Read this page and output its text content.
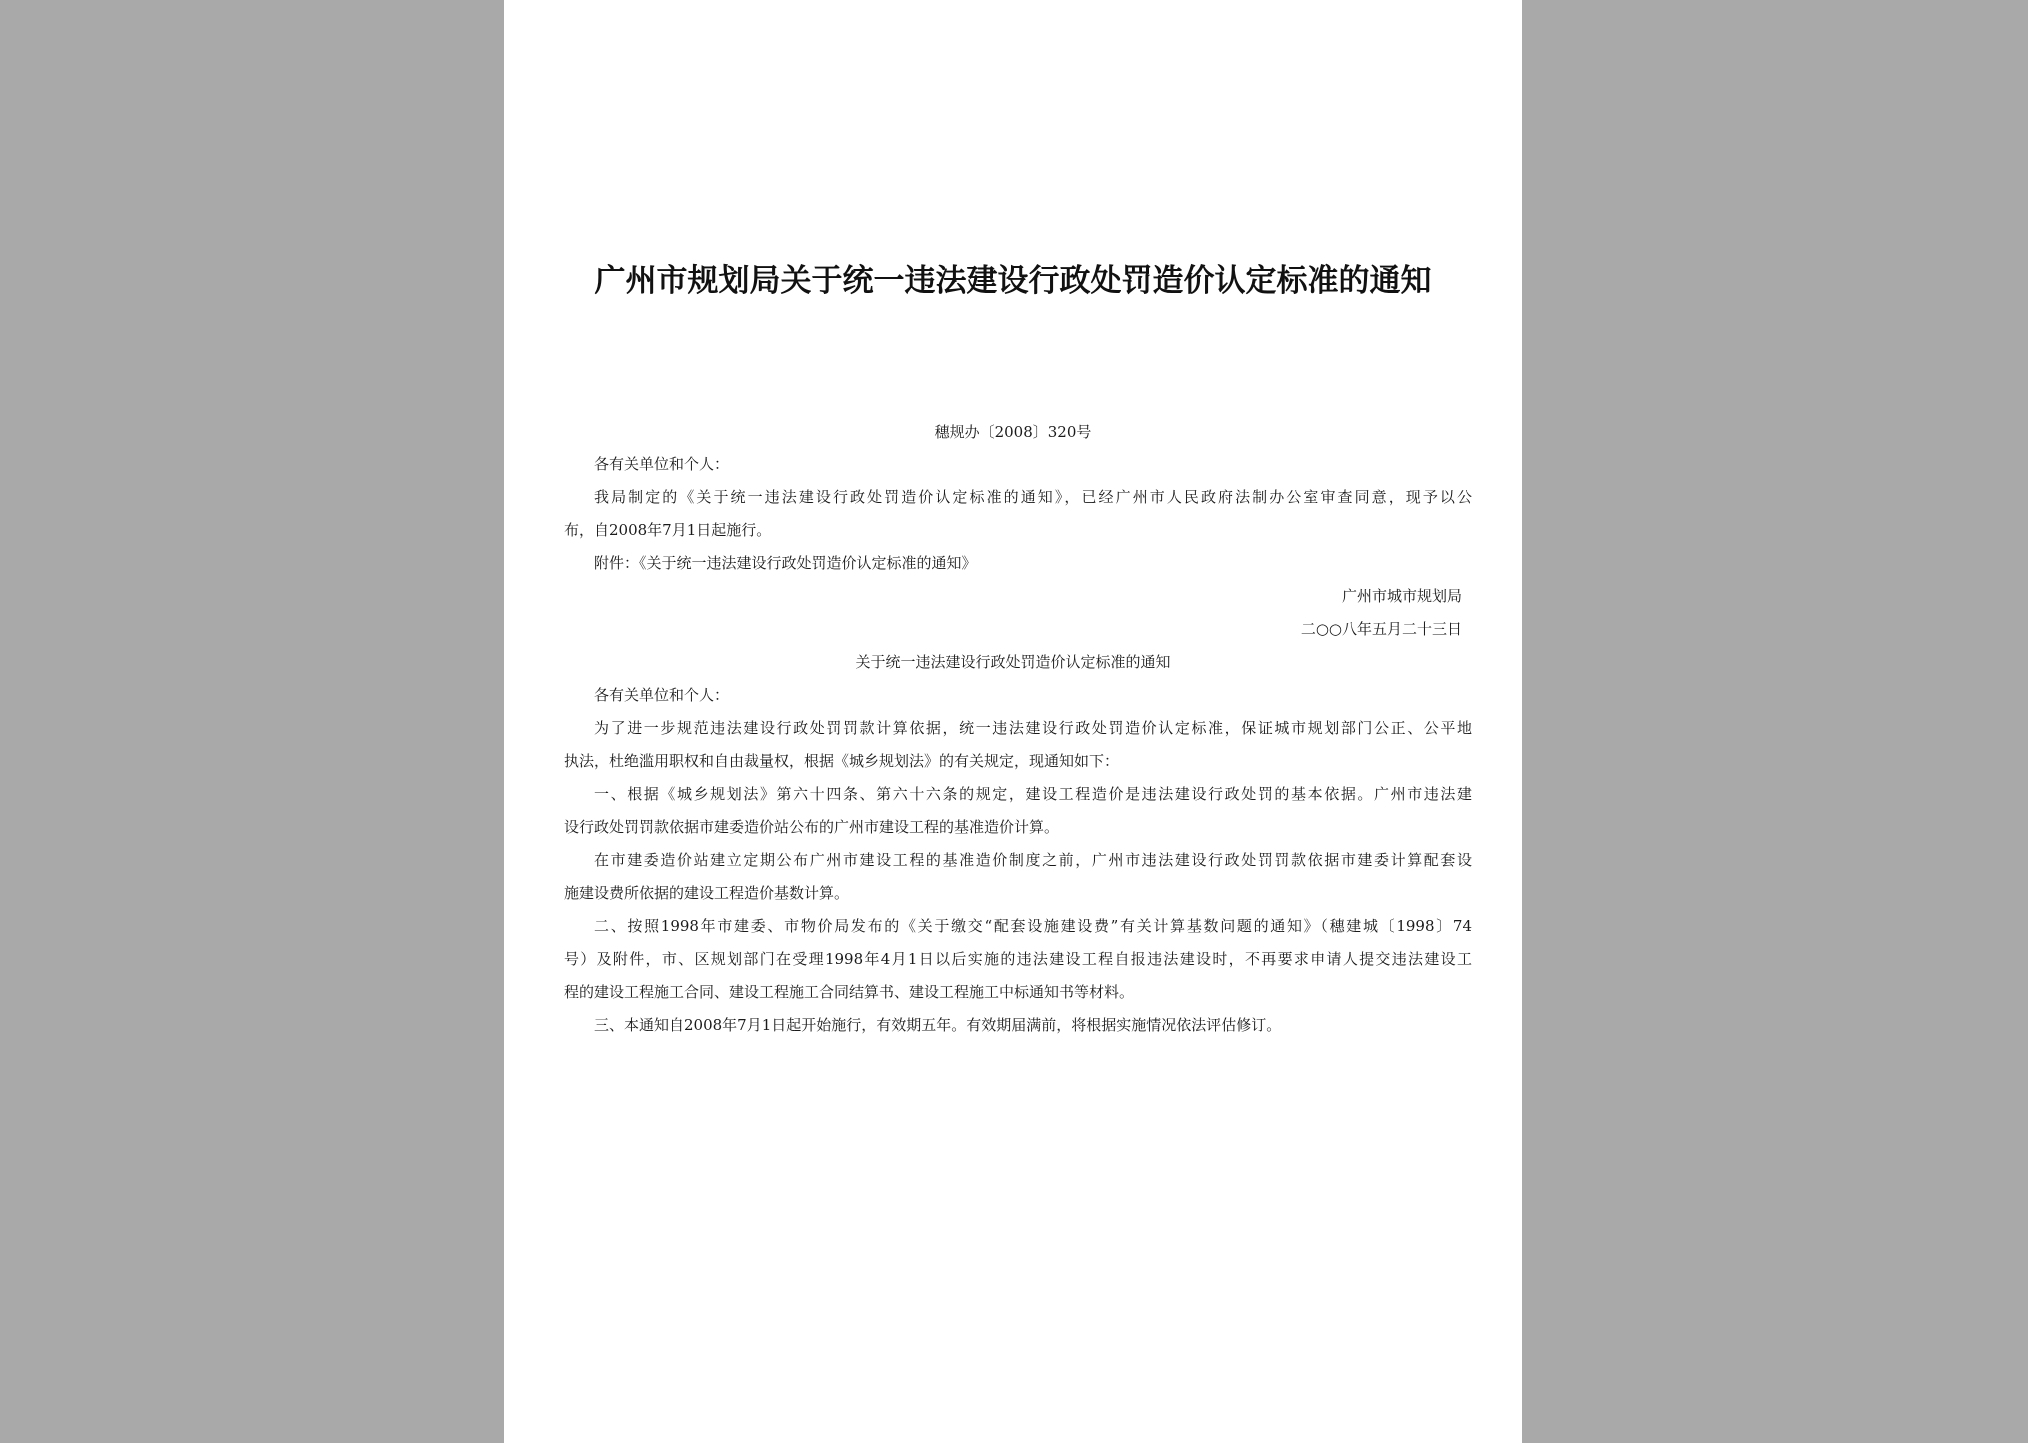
广州市规划局关于统一违法建设行政处罚造价认定标准的通知
穗规办〔2008〕320号
各有关单位和个人：
我局制定的《关于统一违法建设行政处罚造价认定标准的通知》，已经广州市人民政府法制办公室审查同意，现予以公
布，自2008年7月1日起施行。
附件：《关于统一违法建设行政处罚造价认定标准的通知》
广州市城市规划局
二○○八年五月二十三日
关于统一违法建设行政处罚造价认定标准的通知
各有关单位和个人：
为了进一步规范违法建设行政处罚罚款计算依据，统一违法建设行政处罚造价认定标准，保证城市规划部门公正、公平地
执法，杜绝滥用职权和自由裁量权，根据《城乡规划法》的有关规定，现通知如下：
一、根据《城乡规划法》第六十四条、第六十六条的规定，建设工程造价是违法建设行政处罚的基本依据。广州市违法建
设行政处罚罚款依据市建委造价站公布的广州市建设工程的基准造价计算。
在市建委造价站建立定期公布广州市建设工程的基准造价制度之前，广州市违法建设行政处罚罚款依据市建委计算配套设
施建设费所依据的建设工程造价基数计算。
二、按照1998年市建委、市物价局发布的《关于缴交“配套设施建设费”有关计算基数问题的通知》（穗建城〔1998〕74
号）及附件，市、区规划部门在受理1998年4月1日以后实施的违法建设工程自报违法建设时，不再要求申请人提交违法建设工
程的建设工程施工合同、建设工程施工合同结算书、建设工程施工中标通知书等材料。
三、本通知自2008年7月1日起开始施行，有效期五年。有效期届满前，将根据实施情况依法评估修订。
